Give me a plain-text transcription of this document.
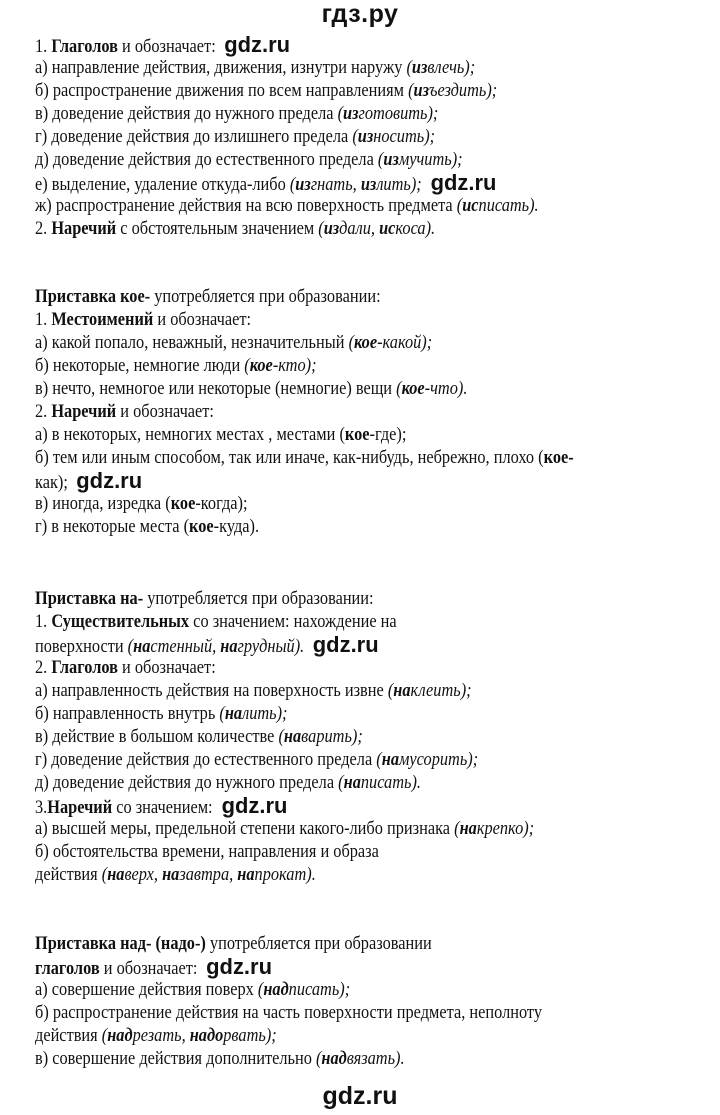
гдз.ру
1. Глаголов и обозначает: gdz.ru
а) направление действия, движения, изнутри наружу (извлечь);
б) распространение движения по всем направлениям (изъездить);
в) доведение действия до нужного предела (изготовить);
г) доведение действия до излишнего предела (износить);
д) доведение действия до естественного предела (измучить);
е) выделение, удаление откуда-либо (изгнать, излить); gdz.ru
ж) распространение действия на всю поверхность предмета (исписать).
2. Наречий с обстоятельным значением (издали, искоса).
Приставка кое- употребляется при образовании:
1. Местоимений и обозначает:
а) какой попало, неважный, незначительный (кое-какой);
б) некоторые, немногие люди (кое-кто);
в) нечто, немногое или некоторые (немногие) вещи (кое-что).
2. Наречий и обозначает:
а) в некоторых, немногих местах , местами (кое-где);
б) тем или иным способом, так или иначе, как-нибудь, небрежно, плохо (кое-
как); gdz.ru
в) иногда, изредка (кое-когда);
г) в некоторые места (кое-куда).
Приставка на- употребляется при образовании:
1. Существительных со значением: нахождение на
поверхности (настенный, нагрудный). gdz.ru
2. Глаголов и обозначает:
а) направленность действия на поверхность извне (наклеить);
б) направленность внутрь (налить);
в) действие в большом количестве (наварить);
г) доведение действия до естественного предела (намусорить);
д) доведение действия до нужного предела (написать).
3.Наречий со значением: gdz.ru
а) высшей меры, предельной степени какого-либо признака (накрепко);
б) обстоятельства времени, направления и образа
действия (наверх, назавтра, напрокат).
Приставка над- (надо-) употребляется при образовании
глаголов и обозначает: gdz.ru
а) совершение действия поверх (надписать);
б) распространение действия на часть поверхности предмета, неполноту
действия (надрезать, надорвать);
в) совершение действия дополнительно (надвязать).
gdz.ru
